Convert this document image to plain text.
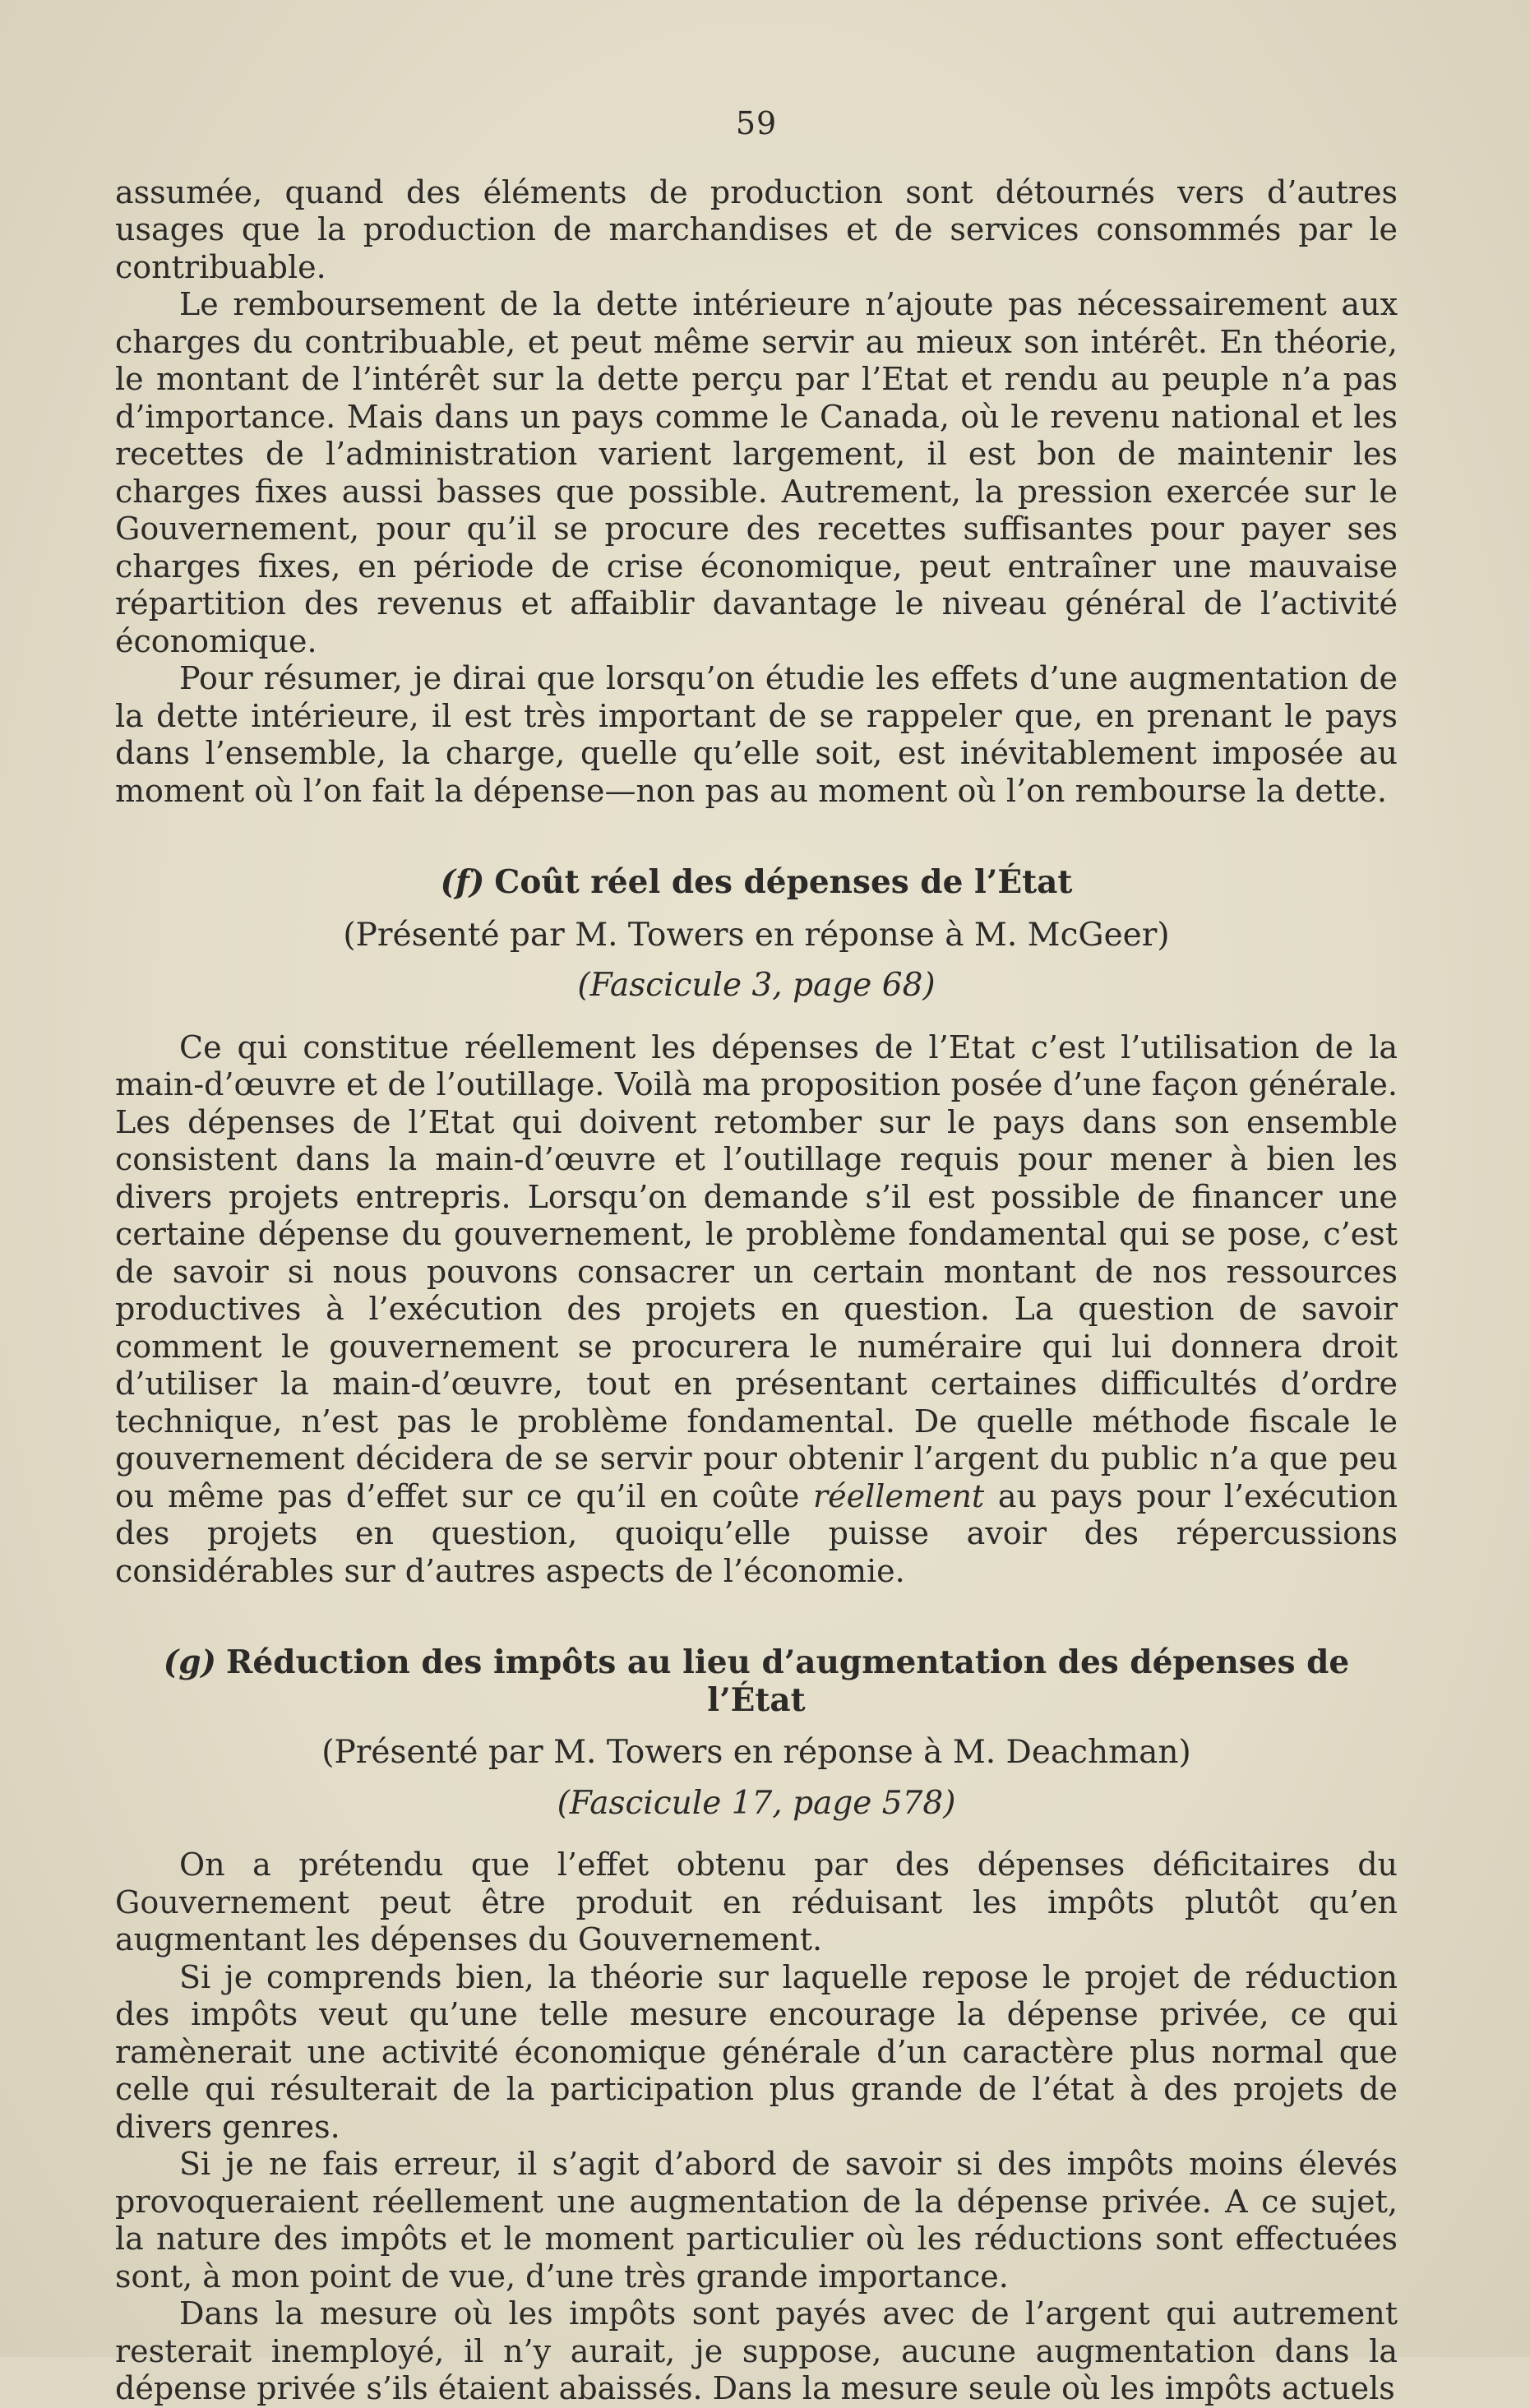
59

assumée, quand des éléments de production sont détournés vers d’autres usages que la production de marchandises et de services consommés par le contribuable.

Le remboursement de la dette intérieure n’ajoute pas nécessairement aux charges du contribuable, et peut même servir au mieux son intérêt. En théorie, le montant de l’intérêt sur la dette perçu par l’Etat et rendu au peuple n’a pas d’importance. Mais dans un pays comme le Canada, où le revenu national et les recettes de l’administration varient largement, il est bon de maintenir les charges fixes aussi basses que possible. Autrement, la pression exercée sur le Gouvernement, pour qu’il se procure des recettes suffisantes pour payer ses charges fixes, en période de crise économique, peut entraîner une mauvaise répartition des revenus et affaiblir davantage le niveau général de l’activité économique.

Pour résumer, je dirai que lorsqu’on étudie les effets d’une augmentation de la dette intérieure, il est très important de se rappeler que, en prenant le pays dans l’ensemble, la charge, quelle qu’elle soit, est inévitablement imposée au moment où l’on fait la dépense—non pas au moment où l’on rembourse la dette.

(f) Coût réel des dépenses de l’État
(Présenté par M. Towers en réponse à M. McGeer)
(Fascicule 3, page 68)

Ce qui constitue réellement les dépenses de l’Etat c’est l’utilisation de la main-d’œuvre et de l’outillage. Voilà ma proposition posée d’une façon générale. Les dépenses de l’Etat qui doivent retomber sur le pays dans son ensemble consistent dans la main-d’œuvre et l’outillage requis pour mener à bien les divers projets entrepris. Lorsqu’on demande s’il est possible de financer une certaine dépense du gouvernement, le problème fondamental qui se pose, c’est de savoir si nous pouvons consacrer un certain montant de nos ressources productives à l’exécution des projets en question. La question de savoir comment le gouvernement se procurera le numéraire qui lui donnera droit d’utiliser la main-d’œuvre, tout en présentant certaines difficultés d’ordre technique, n’est pas le problème fondamental. De quelle méthode fiscale le gouvernement décidera de se servir pour obtenir l’argent du public n’a que peu ou même pas d’effet sur ce qu’il en coûte réellement au pays pour l’exécution des projets en question, quoiqu’elle puisse avoir des répercussions considérables sur d’autres aspects de l’économie.

(g) Réduction des impôts au lieu d’augmentation des dépenses de l’État
(Présenté par M. Towers en réponse à M. Deachman)
(Fascicule 17, page 578)

On a prétendu que l’effet obtenu par des dépenses déficitaires du Gouvernement peut être produit en réduisant les impôts plutôt qu’en augmentant les dépenses du Gouvernement.

Si je comprends bien, la théorie sur laquelle repose le projet de réduction des impôts veut qu’une telle mesure encourage la dépense privée, ce qui ramènerait une activité économique générale d’un caractère plus normal que celle qui résulterait de la participation plus grande de l’état à des projets de divers genres.

Si je ne fais erreur, il s’agit d’abord de savoir si des impôts moins élevés provoqueraient réellement une augmentation de la dépense privée. A ce sujet, la nature des impôts et le moment particulier où les réductions sont effectuées sont, à mon point de vue, d’une très grande importance.

Dans la mesure où les impôts sont payés avec de l’argent qui autrement resterait inemployé, il n’y aurait, je suppose, aucune augmentation dans la dépense privée s’ils étaient abaissés. Dans la mesure seule où les impôts actuels
